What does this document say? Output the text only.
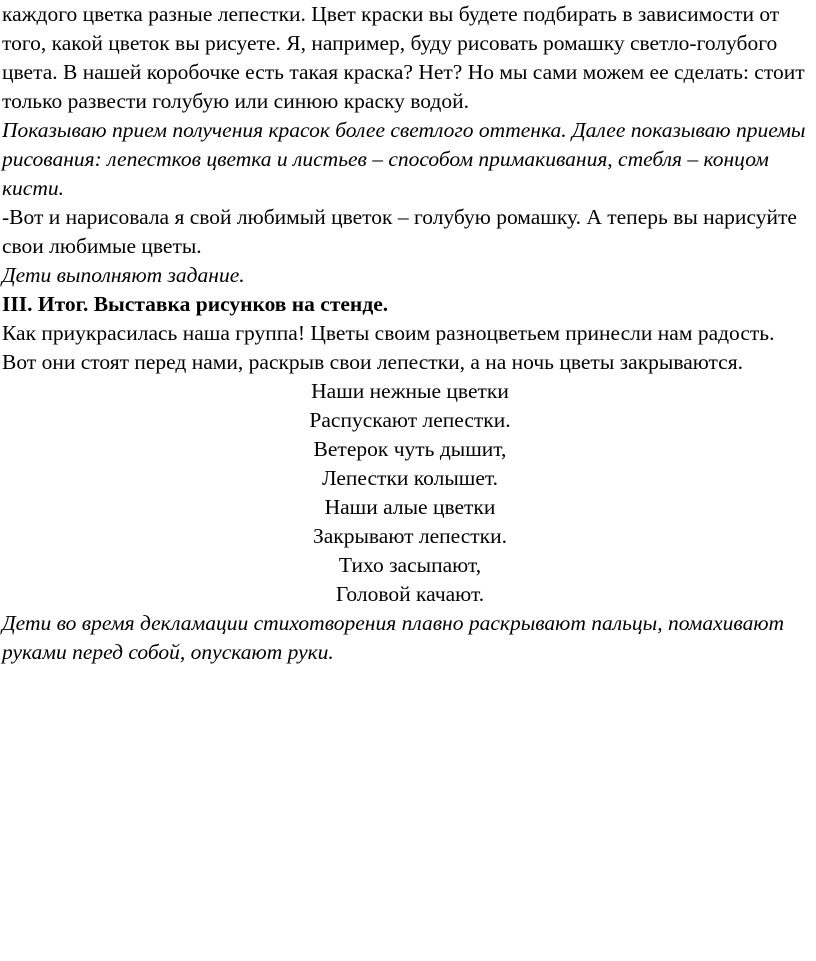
каждого цветка разные лепестки. Цвет краски вы будете подбирать в зависимости от того, какой цветок вы рисуете. Я, например, буду рисовать ромашку светло-голубого цвета. В нашей коробочке есть такая краска? Нет? Но мы сами можем ее сделать: стоит только развести голубую или синюю краску водой.

Показываю прием получения красок более светлого оттенка. Далее показываю приемы рисования: лепестков цветка и листьев – способом примакивания, стебля – концом кисти.

-Вот и нарисовала я свой любимый цветок – голубую ромашку. А теперь вы нарисуйте свои любимые цветы.

Дети выполняют задание.

III. Итог. Выставка рисунков на стенде.

Как приукрасилась наша группа! Цветы своим разноцветьем принесли нам радость. Вот они стоят перед нами, раскрыв свои лепестки, а на ночь цветы закрываются.

Наши нежные цветки
Распускают лепестки.
Ветерок чуть дышит,
Лепестки колышет.
Наши алые цветки
Закрывают лепестки.
Тихо засыпают,
Головой качают.

Дети во время декламации стихотворения плавно раскрывают пальцы, помахивают руками перед собой, опускают руки.
